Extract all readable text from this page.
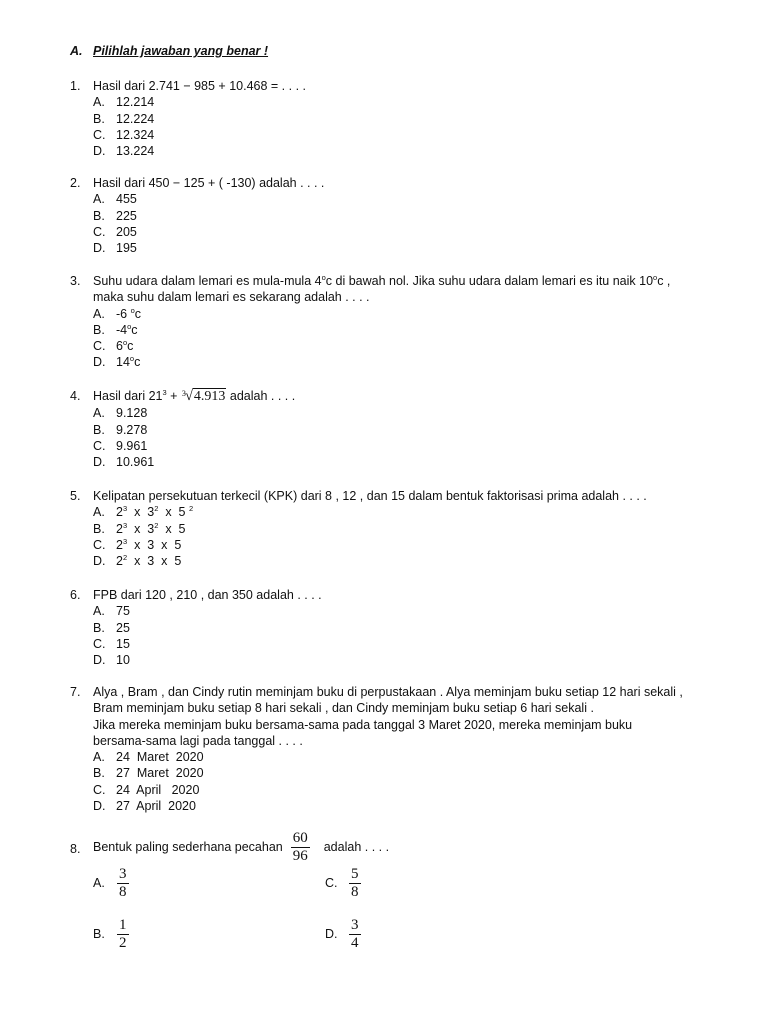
A. Pilihlah jawaban yang benar !
1. Hasil dari 2.741 − 985 + 10.468 = . . . .
A. 12.214
B. 12.224
C. 12.324
D. 13.224
2. Hasil dari 450 − 125 + ( -130) adalah . . . .
A. 455
B. 225
C. 205
D. 195
3. Suhu udara dalam lemari es mula-mula 4$^o$c di bawah nol. Jika suhu udara dalam lemari es itu naik 10$^o$c ,
maka suhu dalam lemari es sekarang adalah . . . .
A. -6 $^o$c
B. -4$^o$c
C. 6$^o$c
D. 14$^o$c
4. Hasil dari $21^3 + 3$ √ 4.913 adalah . . . .
A. 9.128
B. 9.278
C. 9.961
D. 10.961
5. Kelipatan persekutuan terkecil (KPK) dari 8 , 12 , dan 15 dalam bentuk faktorisasi prima adalah . . . .
A. $2^3$  x  $3^2$  x  5 $^2$
B. $2^3$  x  $3^2$  x  5
C. $2^3$  x  3  x  5
D. $2^2$  x  3  x  5
6. FPB dari 120 , 210 , dan 350 adalah . . . .
A. 75
B. 25
C. 15
D. 10
7. Alya , Bram , dan Cindy rutin meminjam buku di perpustakaan . Alya meminjam buku setiap 12 hari sekali ,
Bram meminjam buku setiap 8 hari sekali , dan Cindy meminjam buku setiap 6 hari sekali .
Jika mereka meminjam buku bersama-sama pada tanggal 3 Maret 2020, mereka meminjam buku
bersama-sama lagi pada tanggal . . . .
A. 24  Maret  2020
B. 27  Maret  2020
C. 24  April   2020
D. 27  April  2020
8. Bentuk paling sederhana pecahan $\frac{60}{96}$ adalah . . . .
A. $\frac{3}{8}$	C. $\frac{5}{8}$
B. $\frac{1}{2}$	D. $\frac{3}{4}$
